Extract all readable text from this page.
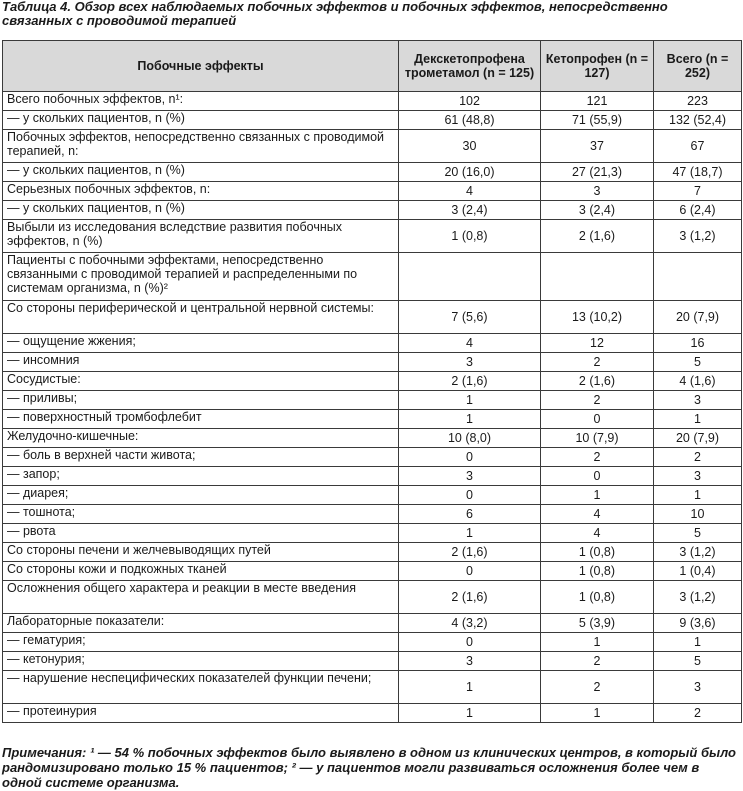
Таблица 4. Обзор всех наблюдаемых побочных эффектов и побочных эффектов, непосредственно связанных с проводимой терапией
Побочные эффекты	Декскетопрофена трометамол (n = 125)	Кетопрофен (n = 127)	Всего (n = 252)
Всего побочных эффектов, n¹:	102	121	223
— у скольких пациентов, n (%)	61 (48,8)	71 (55,9)	132 (52,4)
Побочных эффектов, непосредственно связанных с проводимой терапией, n:	30	37	67
— у скольких пациентов, n (%)	20 (16,0)	27 (21,3)	47 (18,7)
Серьезных побочных эффектов, n:	4	3	7
— у скольких пациентов, n (%)	3 (2,4)	3 (2,4)	6 (2,4)
Выбыли из исследования вследствие развития побочных эффектов, n (%)	1 (0,8)	2 (1,6)	3 (1,2)
Пациенты с побочными эффектами, непосредственно связанными с проводимой терапией и распределенными по системам организма, n (%)²			
Со стороны периферической и центральной нервной системы:	7 (5,6)	13 (10,2)	20 (7,9)
— ощущение жжения;	4	12	16
— инсомния	3	2	5
Сосудистые:	2 (1,6)	2 (1,6)	4 (1,6)
— приливы;	1	2	3
— поверхностный тромбофлебит	1	0	1
Желудочно-кишечные:	10 (8,0)	10 (7,9)	20 (7,9)
— боль в верхней части живота;	0	2	2
— запор;	3	0	3
— диарея;	0	1	1
— тошнота;	6	4	10
— рвота	1	4	5
Со стороны печени и желчевыводящих путей	2 (1,6)	1 (0,8)	3 (1,2)
Со стороны кожи и подкожных тканей	0	1 (0,8)	1 (0,4)
Осложнения общего характера и реакции в месте введения	2 (1,6)	1 (0,8)	3 (1,2)
Лабораторные показатели:	4 (3,2)	5 (3,9)	9 (3,6)
— гематурия;	0	1	1
— кетонурия;	3	2	5
— нарушение неспецифических показателей функции печени;	1	2	3
— протеинурия	1	1	2
Примечания: ¹ — 54 % побочных эффектов было выявлено в одном из клинических центров, в который было рандомизировано только 15 % пациентов; ² — у пациентов могли развиваться осложнения более чем в одной системе организма.
